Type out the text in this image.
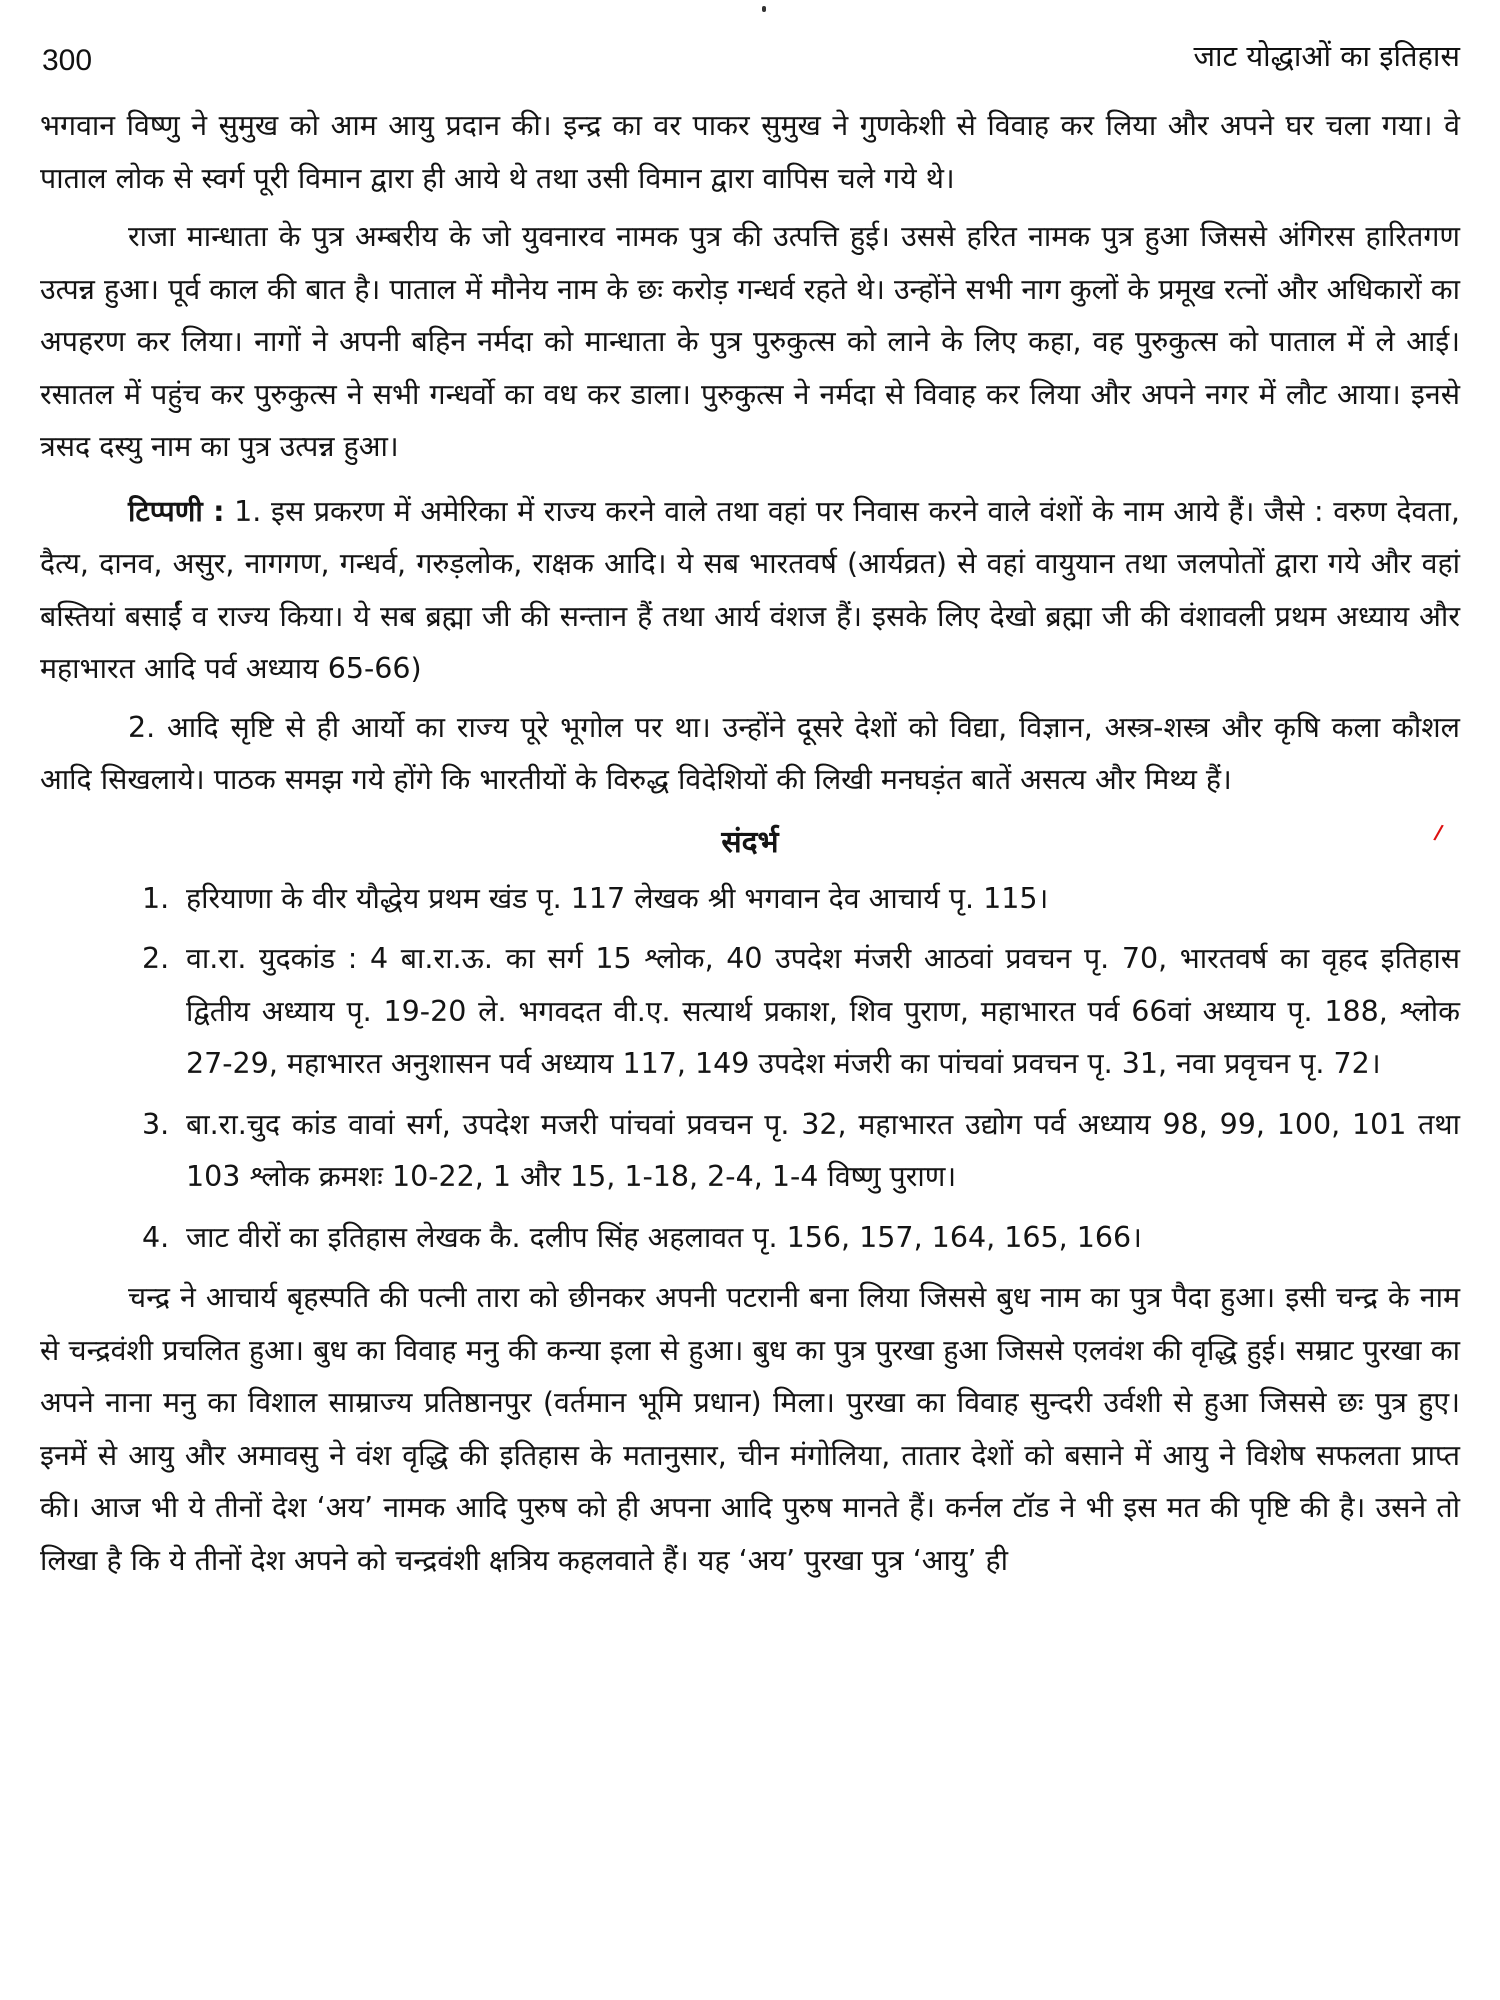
300	जाट योद्धाओं का इतिहास

भगवान विष्णु ने सुमुख को आम आयु प्रदान की। इन्द्र का वर पाकर सुमुख ने गुणकेशी से विवाह कर लिया और अपने घर चला गया। वे पाताल लोक से स्वर्ग पूरी विमान द्वारा ही आये थे तथा उसी विमान द्वारा वापिस चले गये थे।

राजा मान्धाता के पुत्र अम्बरीय के जो युवनारव नामक पुत्र की उत्पत्ति हुई। उससे हरित नामक पुत्र हुआ जिससे अंगिरस हारितगण उत्पन्न हुआ। पूर्व काल की बात है। पाताल में मौनेय नाम के छः करोड़ गन्धर्व रहते थे। उन्होंने सभी नाग कुलों के प्रमूख रत्नों और अधिकारों का अपहरण कर लिया। नागों ने अपनी बहिन नर्मदा को मान्धाता के पुत्र पुरुकुत्स को लाने के लिए कहा, वह पुरुकुत्स को पाताल में ले आई। रसातल में पहुंच कर पुरुकुत्स ने सभी गन्धर्वो का वध कर डाला। पुरुकुत्स ने नर्मदा से विवाह कर लिया और अपने नगर में लौट आया। इनसे त्रसद दस्यु नाम का पुत्र उत्पन्न हुआ।

टिप्पणी : 1. इस प्रकरण में अमेरिका में राज्य करने वाले तथा वहां पर निवास करने वाले वंशों के नाम आये हैं। जैसे : वरुण देवता, दैत्य, दानव, असुर, नागगण, गन्धर्व, गरुड़लोक, राक्षक आदि। ये सब भारतवर्ष (आर्यव्रत) से वहां वायुयान तथा जलपोतों द्वारा गये और वहां बस्तियां बसाईं व राज्य किया। ये सब ब्रह्मा जी की सन्तान हैं तथा आर्य वंशज हैं। इसके लिए देखो ब्रह्मा जी की वंशावली प्रथम अध्याय और महाभारत आदि पर्व अध्याय 65-66)

2. आदि सृष्टि से ही आर्यो का राज्य पूरे भूगोल पर था। उन्होंने दूसरे देशों को विद्या, विज्ञान, अस्त्र-शस्त्र और कृषि कला कौशल आदि सिखलाये। पाठक समझ गये होंगे कि भारतीयों के विरुद्ध विदेशियों की लिखी मनघड़ंत बातें असत्य और मिथ्य हैं।

संदर्भ
1. हरियाणा के वीर यौद्धेय प्रथम खंड पृ. 117 लेखक श्री भगवान देव आचार्य पृ. 115।
2. वा.रा. युदकांड : 4 बा.रा.ऊ. का सर्ग 15 श्लोक, 40 उपदेश मंजरी आठवां प्रवचन पृ. 70, भारतवर्ष का वृहद इतिहास द्वितीय अध्याय पृ. 19-20 ले. भगवदत वी.ए. सत्यार्थ प्रकाश, शिव पुराण, महाभारत पर्व 66वां अध्याय पृ. 188, श्लोक 27-29, महाभारत अनुशासन पर्व अध्याय 117, 149 उपदेश मंजरी का पांचवां प्रवचन पृ. 31, नवा प्रवृचन पृ. 72।
3. बा.रा.चुद कांड वावां सर्ग, उपदेश मजरी पांचवां प्रवचन पृ. 32, महाभारत उद्योग पर्व अध्याय 98, 99, 100, 101 तथा 103 श्लोक क्रमशः 10-22, 1 और 15, 1-18, 2-4, 1-4 विष्णु पुराण।
4. जाट वीरों का इतिहास लेखक कै. दलीप सिंह अहलावत पृ. 156, 157, 164, 165, 166।

चन्द्र ने आचार्य बृहस्पति की पत्नी तारा को छीनकर अपनी पटरानी बना लिया जिससे बुध नाम का पुत्र पैदा हुआ। इसी चन्द्र के नाम से चन्द्रवंशी प्रचलित हुआ। बुध का विवाह मनु की कन्या इला से हुआ। बुध का पुत्र पुरखा हुआ जिससे एलवंश की वृद्धि हुई। सम्राट पुरखा का अपने नाना मनु का विशाल साम्राज्य प्रतिष्ठानपुर (वर्तमान भूमि प्रधान) मिला। पुरखा का विवाह सुन्दरी उर्वशी से हुआ जिससे छः पुत्र हुए। इनमें से आयु और अमावसु ने वंश वृद्धि की इतिहास के मतानुसार, चीन मंगोलिया, तातार देशों को बसाने में आयु ने विशेष सफलता प्राप्त की। आज भी ये तीनों देश ‘अय’ नामक आदि पुरुष को ही अपना आदि पुरुष मानते हैं। कर्नल टॉड ने भी इस मत की पृष्टि की है। उसने तो लिखा है कि ये तीनों देश अपने को चन्द्रवंशी क्षत्रिय कहलवाते हैं। यह ‘अय’ पुरखा पुत्र ‘आयु’ ही

/
